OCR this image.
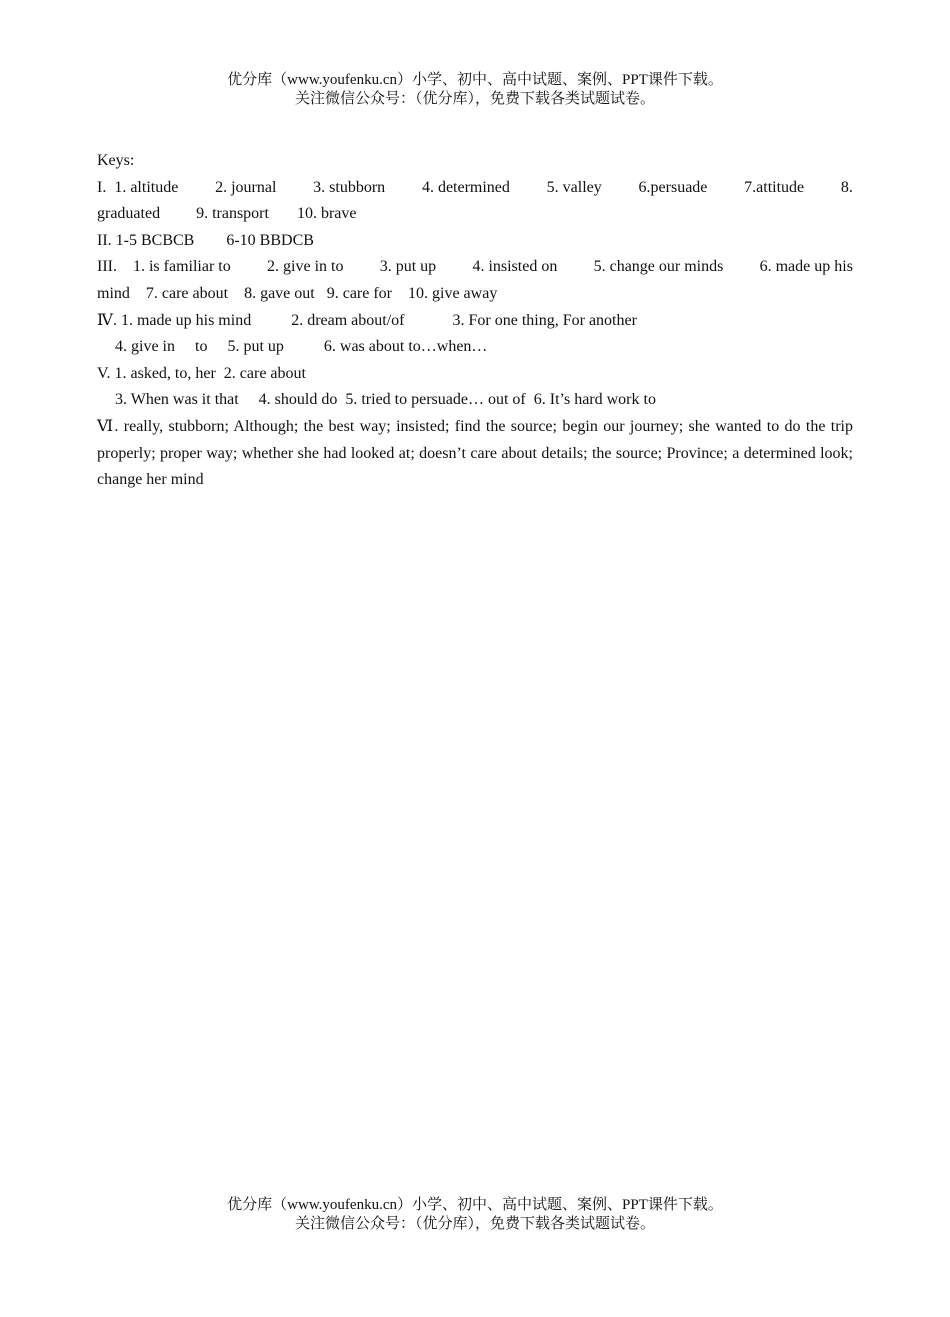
优分库（www.youfenku.cn）小学、初中、高中试题、案例、PPT课件下载。
关注微信公众号：（优分库），免费下载各类试题试卷。
Keys:
I.  1. altitude 2. journal 3. stubborn 4. determined 5. valley 6.persuade 7.attitude 8.
graduated         9. transport       10. brave
II. 1-5 BCBCB        6-10 BBDCB
III.    1. is familiar to 2. give in to 3. put up 4. insisted on 5. change our minds 6. made up his
mind    7. care about    8. gave out   9. care for    10. give away
Ⅳ. 1. made up his mind          2. dream about/of            3. For one thing, For another
4. give in     to     5. put up          6. was about to…when…
V. 1. asked, to, her  2. care about
3. When was it that     4. should do  5. tried to persuade… out of  6. It’s hard work to
Ⅵ. really, stubborn; Although; the best way; insisted; find the source; begin our journey; she wanted to do the trip properly; proper way; whether she had looked at; doesn’t care about details; the source; Province; a determined look; change her mind
优分库（www.youfenku.cn）小学、初中、高中试题、案例、PPT课件下载。
关注微信公众号：（优分库），免费下载各类试题试卷。
